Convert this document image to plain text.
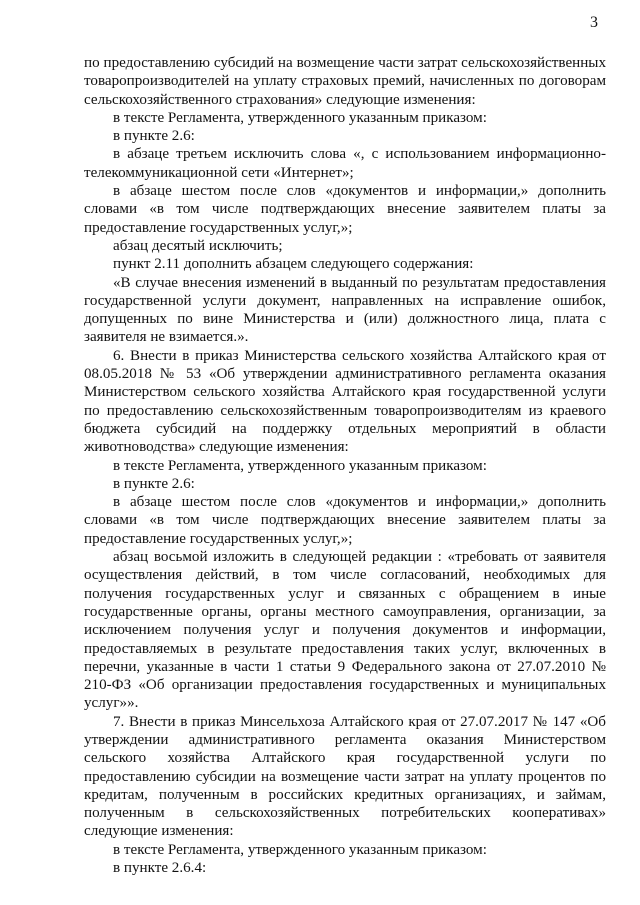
3

по предоставлению субсидий на возмещение части затрат сельскохозяйственных товаропроизводителей на уплату страховых премий, начисленных по договорам сельскохозяйственного страхования» следующие изменения:

в тексте Регламента, утвержденного указанным приказом:

в пункте 2.6:

в абзаце третьем исключить слова «, с использованием информационно-телекоммуникационной сети «Интернет»;

в абзаце шестом после слов «документов и информации,» дополнить словами «в том числе подтверждающих внесение заявителем платы за предоставление государственных услуг,»;

абзац десятый исключить;

пункт 2.11 дополнить абзацем следующего содержания:

«В случае внесения изменений в выданный по результатам предоставления государственной услуги документ, направленных на исправление ошибок, допущенных по вине Министерства и (или) должностного лица, плата с заявителя не взимается.».

6. Внести в приказ Министерства сельского хозяйства Алтайского края от 08.05.2018 № 53 «Об утверждении административного регламента оказания Министерством сельского хозяйства Алтайского края государственной услуги по предоставлению сельскохозяйственным товаропроизводителям из краевого бюджета субсидий на поддержку отдельных мероприятий в области животноводства» следующие изменения:

в тексте Регламента, утвержденного указанным приказом:

в пункте 2.6:

в абзаце шестом после слов «документов и информации,» дополнить словами «в том числе подтверждающих внесение заявителем платы за предоставление государственных услуг,»;

абзац восьмой изложить в следующей редакции : «требовать от заявителя осуществления действий, в том числе согласований, необходимых для получения государственных услуг и связанных с обращением в иные государственные органы, органы местного самоуправления, организации, за исключением получения услуг и получения документов и информации, предоставляемых в результате предоставления таких услуг, включенных в перечни, указанные в части 1 статьи 9 Федерального закона от 27.07.2010 № 210-ФЗ «Об организации предоставления государственных и муниципальных услуг»».

7. Внести в приказ Минсельхоза Алтайского края от 27.07.2017 № 147 «Об утверждении административного регламента оказания Министерством сельского хозяйства Алтайского края государственной услуги по предоставлению субсидии на возмещение части затрат на уплату процентов по кредитам, полученным в российских кредитных организациях, и займам, полученным в сельскохозяйственных потребительских кооперативах» следующие изменения:

в тексте Регламента, утвержденного указанным приказом:

в пункте 2.6.4:
